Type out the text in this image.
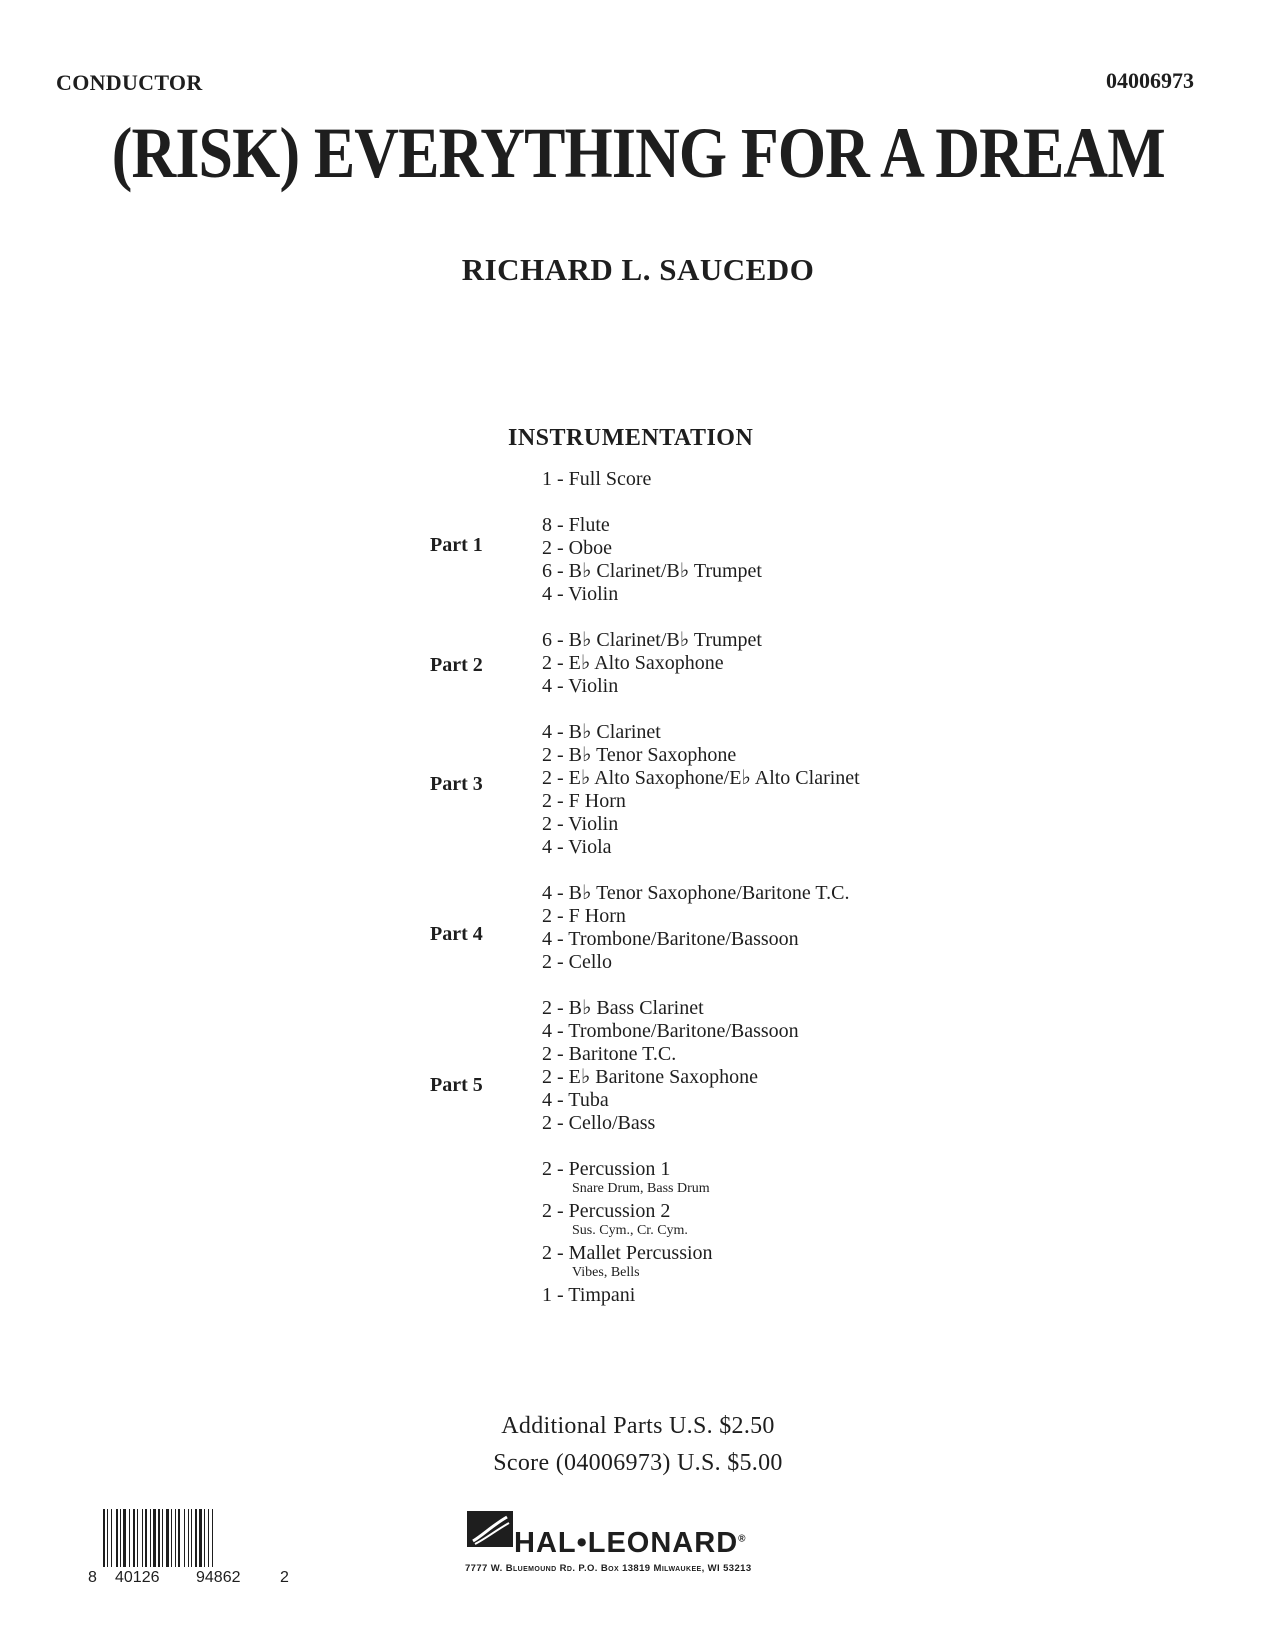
CONDUCTOR	04006973
(RISK) EVERYTHING FOR A DREAM
RICHARD L. SAUCEDO
INSTRUMENTATION
1 - Full Score
Part 1
8 - Flute
2 - Oboe
6 - B♭ Clarinet/B♭ Trumpet
4 - Violin
Part 2
6 - B♭ Clarinet/B♭ Trumpet
2 - E♭ Alto Saxophone
4 - Violin
Part 3
4 - B♭ Clarinet
2 - B♭ Tenor Saxophone
2 - E♭ Alto Saxophone/E♭ Alto Clarinet
2 - F Horn
2 - Violin
4 - Viola
Part 4
4 - B♭ Tenor Saxophone/Baritone T.C.
2 - F Horn
4 - Trombone/Baritone/Bassoon
2 - Cello
Part 5
2 - B♭ Bass Clarinet
4 - Trombone/Baritone/Bassoon
2 - Baritone T.C.
2 - E♭ Baritone Saxophone
4 - Tuba
2 - Cello/Bass
2 - Percussion 1
Snare Drum, Bass Drum
2 - Percussion 2
Sus. Cym., Cr. Cym.
2 - Mallet Percussion
Vibes, Bells
1 - Timpani
Additional Parts U.S. $2.50
Score (04006973) U.S. $5.00
8 40126 94862 2
HAL•LEONARD®
7777 W. Bluemound Rd. P.O. Box 13819 Milwaukee, WI 53213
